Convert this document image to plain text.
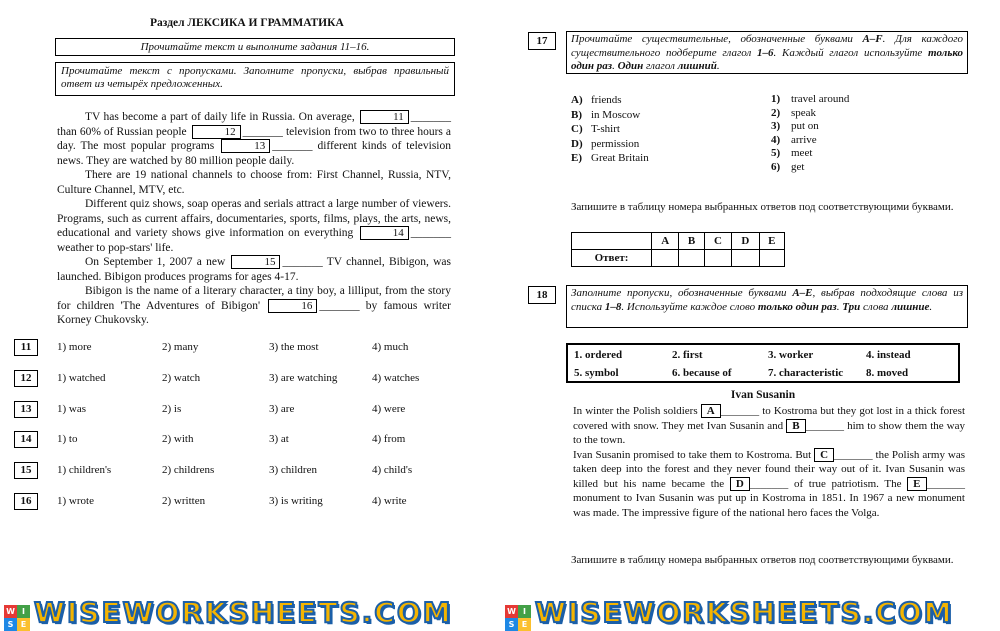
Раздел ЛЕКСИКА И ГРАММАТИКА
Прочитайте текст и выполните задания 11–16.
Прочитайте текст с пропусками. Заполните пропуски, выбрав правильный ответ из четырёх предложенных.
TV has become a part of daily life in Russia. On average,	11 _______ than 60% of Russian people	12 _______ television from two to three hours a day. The most popular programs	13 _______ different kinds of television news. They are watched by 80 million people daily.
There are 19 national channels to choose from: First Channel, Russia, NTV, Culture Channel, MTV, etc.
Different quiz shows, soap operas and serials attract a large number of viewers. Programs, such as current affairs, documentaries, sports, films, plays, the arts, news, educational and variety shows give information on everything	14 _______ weather to pop-stars' life.
On September 1, 2007 a new	15 _______ TV channel, Bibigon, was launched. Bibigon produces programs for ages 4-17.
Bibigon is the name of a literary character, a tiny boy, a lilliput, from the story for children 'The Adventures of Bibigon'	16 _______ by famous writer Korney Chukovsky.
11	1) more	2) many	3) the most	4) much
12	1) watched	2) watch	3) are watching	4) watches
13	1) was	2) is	3) are	4) were
14	1) to	2) with	3) at	4) from
15	1) children's	2) childrens	3) children	4) child's
16	1) wrote	2) written	3) is writing	4) write
17	Прочитайте существительные, обозначенные буквами A–F. Для каждого существительного подберите глагол 1–6. Каждый глагол используйте только один раз. Один глагол лишний.
A) friends
B) in Moscow
C) T-shirt
D) permission
E) Great Britain
1) travel around
2) speak
3) put on
4) arrive
5) meet
6) get
Запишите в таблицу номера выбранных ответов под соответствующими буквами.
	A	B	C	D	E
Ответ:					
18	Заполните пропуски, обозначенные буквами A–E, выбрав подходящие слова из списка 1–8. Используйте каждое слово только один раз. Три слова лишние.
1. ordered	2. first	3. worker	4. instead
5. symbol	6. because of	7. characteristic 8. moved
Ivan Susanin
In winter the Polish soldiers A _______ to Kostroma but they got lost in a thick forest covered with snow. They met Ivan Susanin and B _______ him to show them the way to the town.
Ivan Susanin promised to take them to Kostroma. But C _______ the Polish army was taken deep into the forest and they never found their way out of it. Ivan Susanin was killed but his name became the D _______ of true patriotism. The E _______ monument to Ivan Susanin was put up in Kostroma in 1851. In 1967 a new monument was made. The impressive figure of the national hero faces the Volga.
Запишите в таблицу номера выбранных ответов под соответствующими буквами.
W I
S E WISEWORKSHEETS.COM	W I
S E WISEWORKSHEETS.COM
